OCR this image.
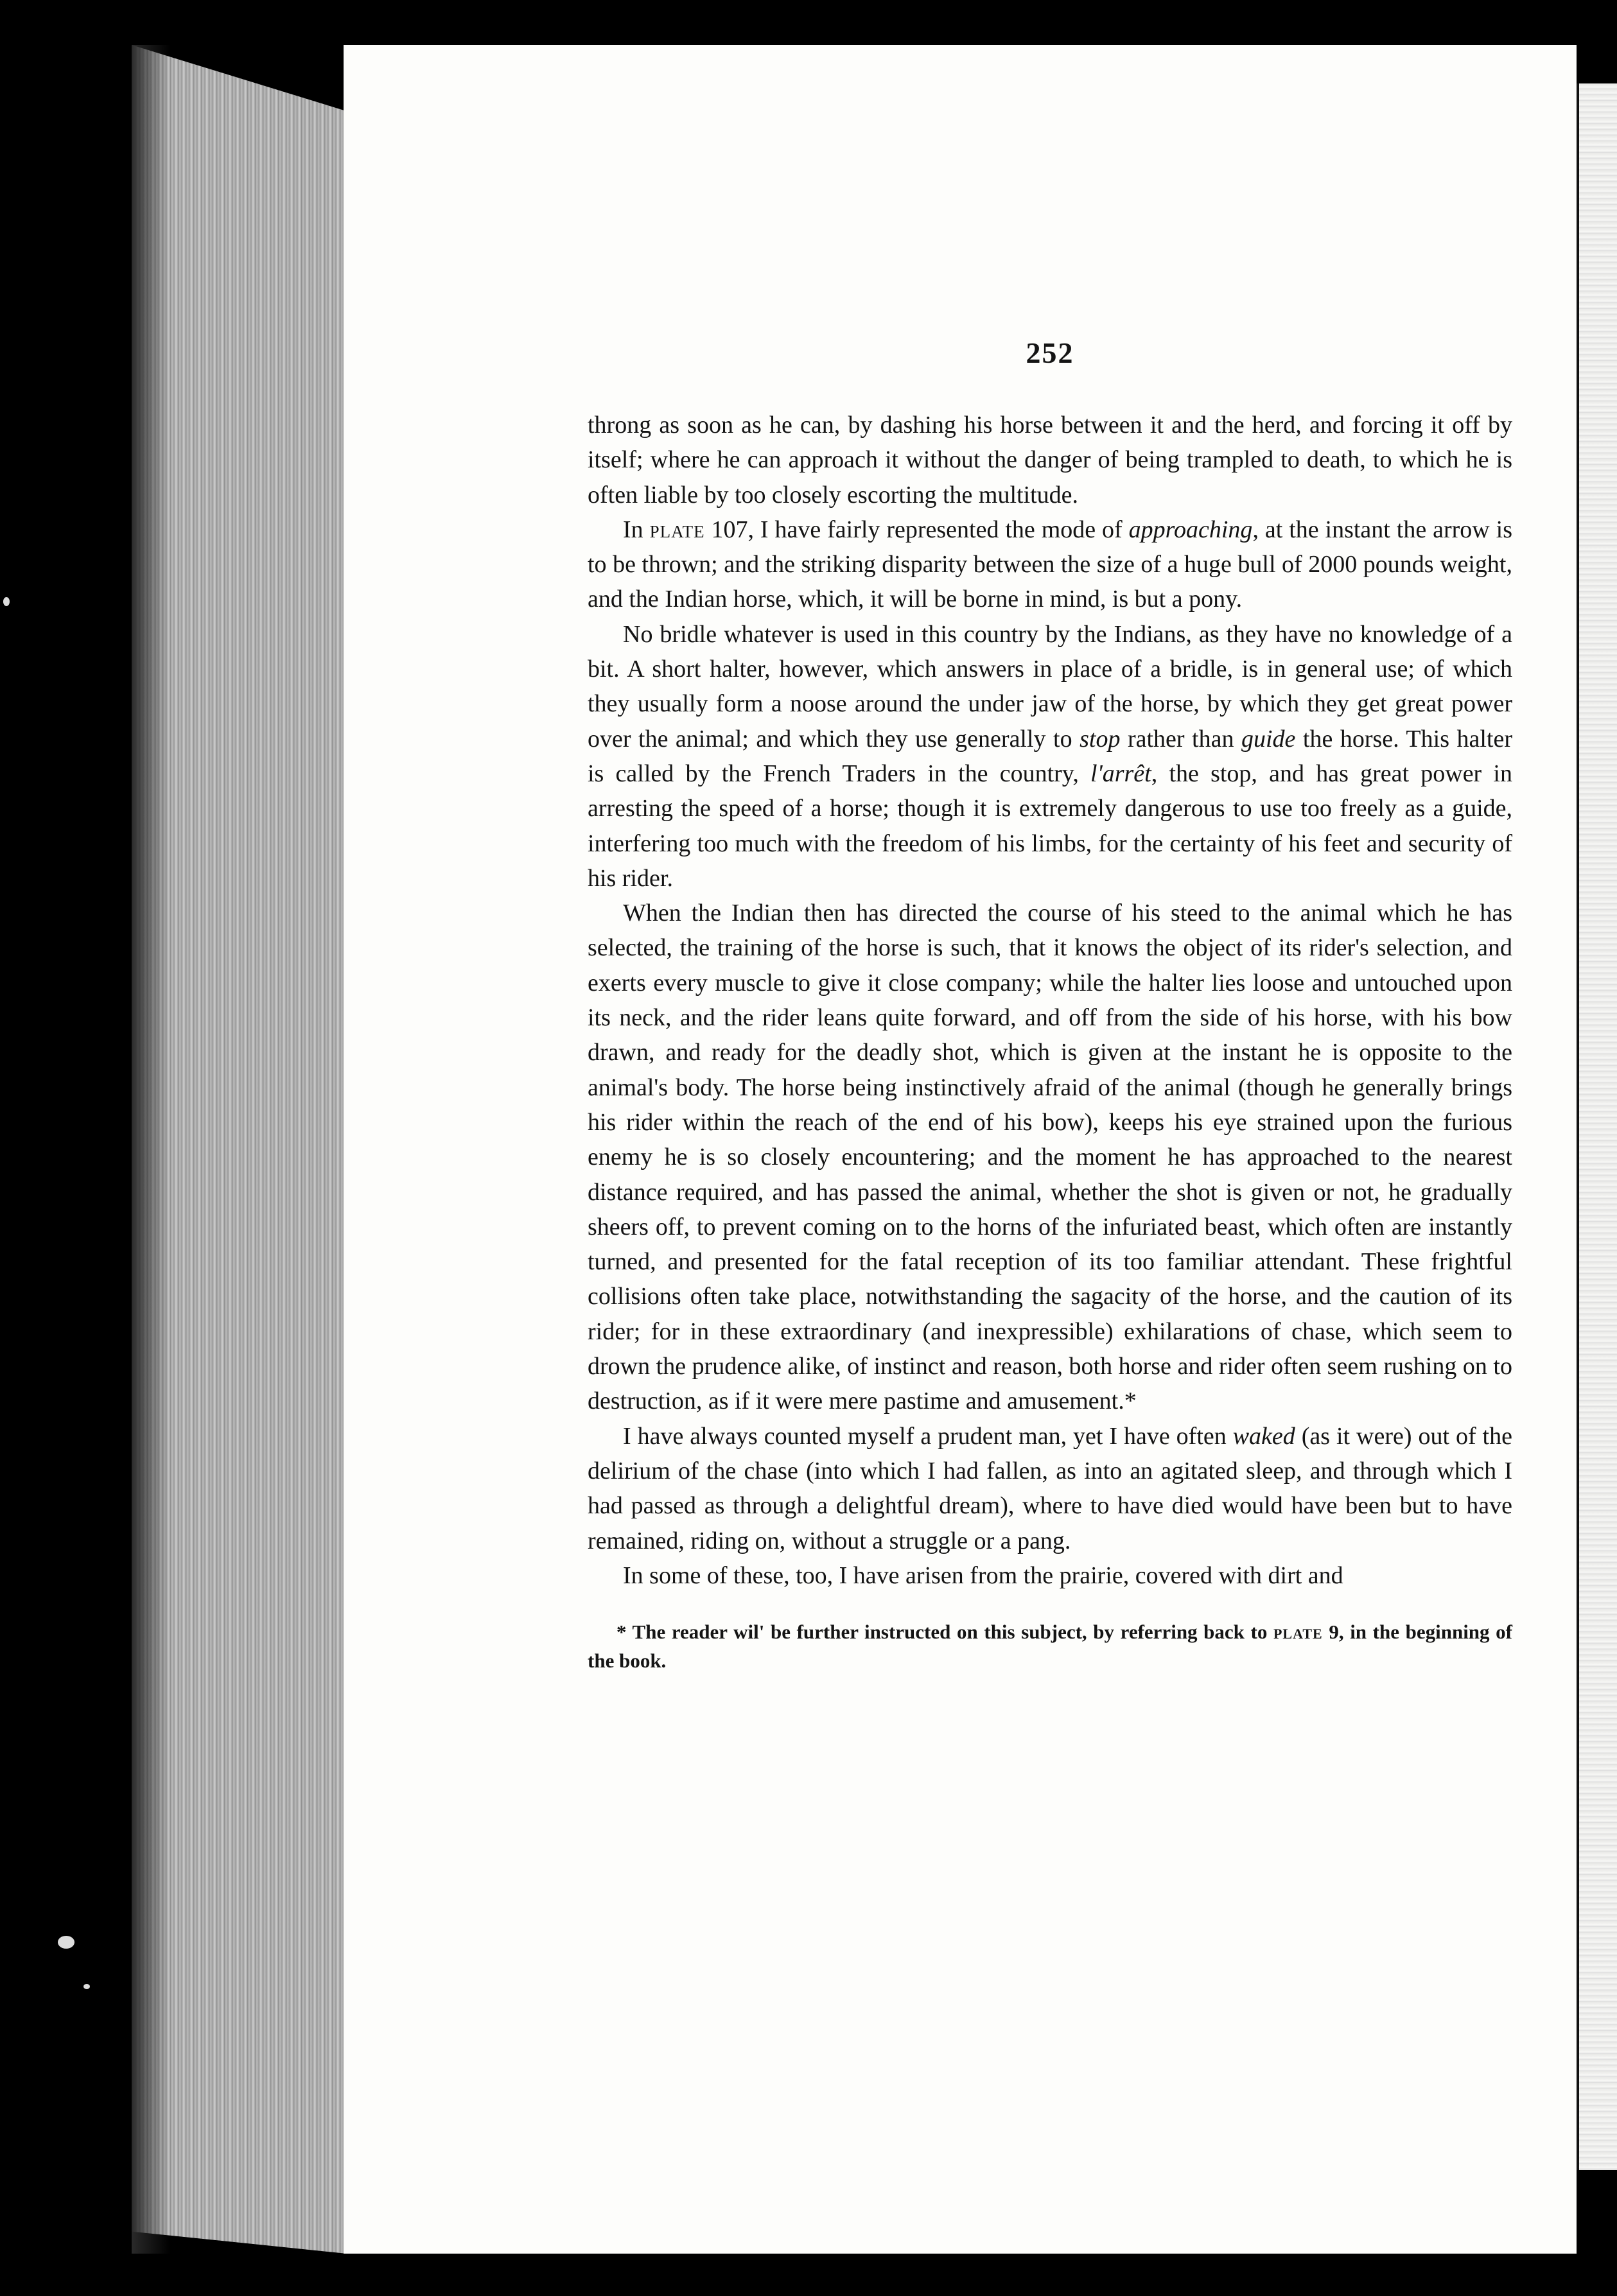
252

throng as soon as he can, by dashing his horse between it and the herd, and forcing it off by itself; where he can approach it without the danger of being trampled to death, to which he is often liable by too closely escorting the multitude.

In plate 107, I have fairly represented the mode of approaching, at the instant the arrow is to be thrown; and the striking disparity between the size of a huge bull of 2000 pounds weight, and the Indian horse, which, it will be borne in mind, is but a pony.

No bridle whatever is used in this country by the Indians, as they have no knowledge of a bit. A short halter, however, which answers in place of a bridle, is in general use; of which they usually form a noose around the under jaw of the horse, by which they get great power over the animal; and which they use generally to stop rather than guide the horse. This halter is called by the French Traders in the country, l'arrêt, the stop, and has great power in arresting the speed of a horse; though it is extremely dangerous to use too freely as a guide, interfering too much with the freedom of his limbs, for the certainty of his feet and security of his rider.

When the Indian then has directed the course of his steed to the animal which he has selected, the training of the horse is such, that it knows the object of its rider's selection, and exerts every muscle to give it close company; while the halter lies loose and untouched upon its neck, and the rider leans quite forward, and off from the side of his horse, with his bow drawn, and ready for the deadly shot, which is given at the instant he is opposite to the animal's body. The horse being instinctively afraid of the animal (though he generally brings his rider within the reach of the end of his bow), keeps his eye strained upon the furious enemy he is so closely encountering; and the moment he has approached to the nearest distance required, and has passed the animal, whether the shot is given or not, he gradually sheers off, to prevent coming on to the horns of the infuriated beast, which often are instantly turned, and presented for the fatal reception of its too familiar attendant. These frightful collisions often take place, notwithstanding the sagacity of the horse, and the caution of its rider; for in these extraordinary (and inexpressible) exhilarations of chase, which seem to drown the prudence alike, of instinct and reason, both horse and rider often seem rushing on to destruction, as if it were mere pastime and amusement.*

I have always counted myself a prudent man, yet I have often waked (as it were) out of the delirium of the chase (into which I had fallen, as into an agitated sleep, and through which I had passed as through a delightful dream), where to have died would have been but to have remained, riding on, without a struggle or a pang.

In some of these, too, I have arisen from the prairie, covered with dirt and

* The reader wil' be further instructed on this subject, by referring back to plate 9, in the beginning of the book.
